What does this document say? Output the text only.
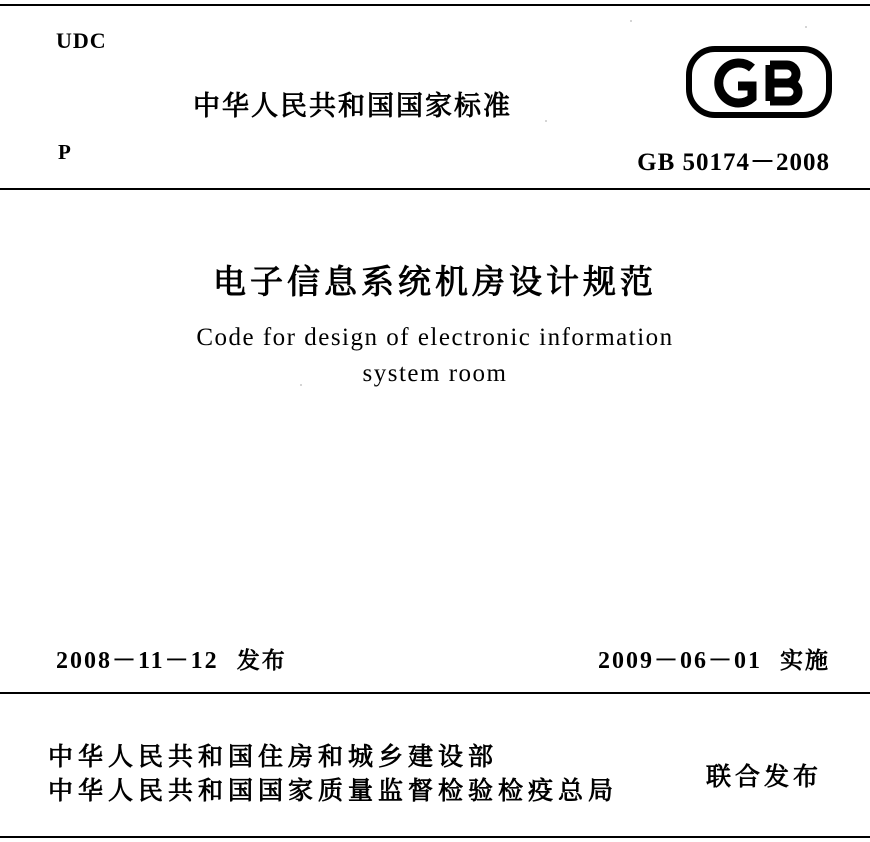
UDC
P
中华人民共和国国家标准
GB 50174－2008
电子信息系统机房设计规范
Code for design of electronic information
system room
2008－11－12 发布	2009－06－01 实施
中华人民共和国住房和城乡建设部
中华人民共和国国家质量监督检验检疫总局	联合发布
